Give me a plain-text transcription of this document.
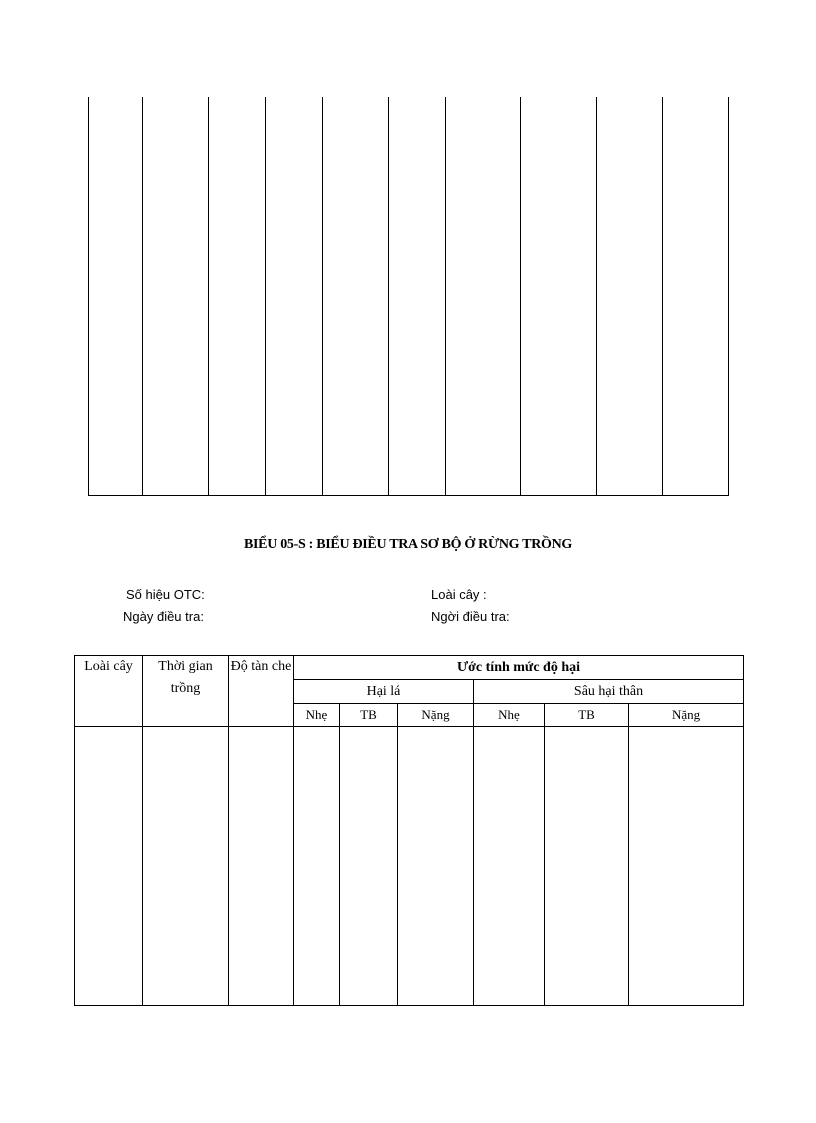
BIỂU 05-S : BIỂU ĐIỀU TRA SƠ BỘ Ở RỪNG TRỒNG
Số hiệu OTC:
Ngày điều tra:
Loài cây :
Ngời điều tra:
Loài cây	Thời gian trồng	Độ tàn che	Ước tính mức độ hại					
			Hại lá			Sâu hại thân		
			Nhẹ	TB	Nặng	Nhẹ	TB	Nặng
